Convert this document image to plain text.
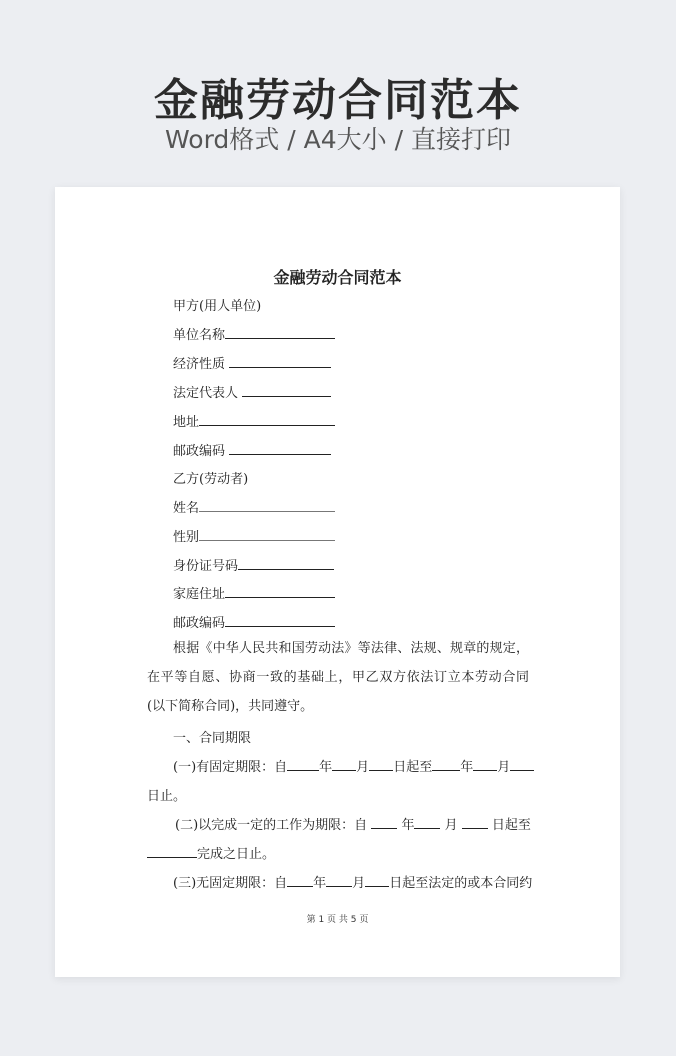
金融劳动合同范本
Word格式 / A4大小 / 直接打印
金融劳动合同范本
甲方(用人单位)
单位名称
经济性质
法定代表人
地址
邮政编码
乙方(劳动者)
姓名
性别
身份证号码
家庭住址
邮政编码
根据《中华人民共和国劳动法》等法律、法规、规章的规定，在平等自愿、协商一致的基础上，甲乙双方依法订立本劳动合同(以下简称合同)，共同遵守。
一、合同期限
(一)有固定期限：自 年 月 日起至 年 月
日止。
(二)以完成一定的工作为期限：自	年 月	日起至
完成之日止。
(三)无固定期限：自 年 月 日起至法定的或本合同约
第 1 页 共 5 页
